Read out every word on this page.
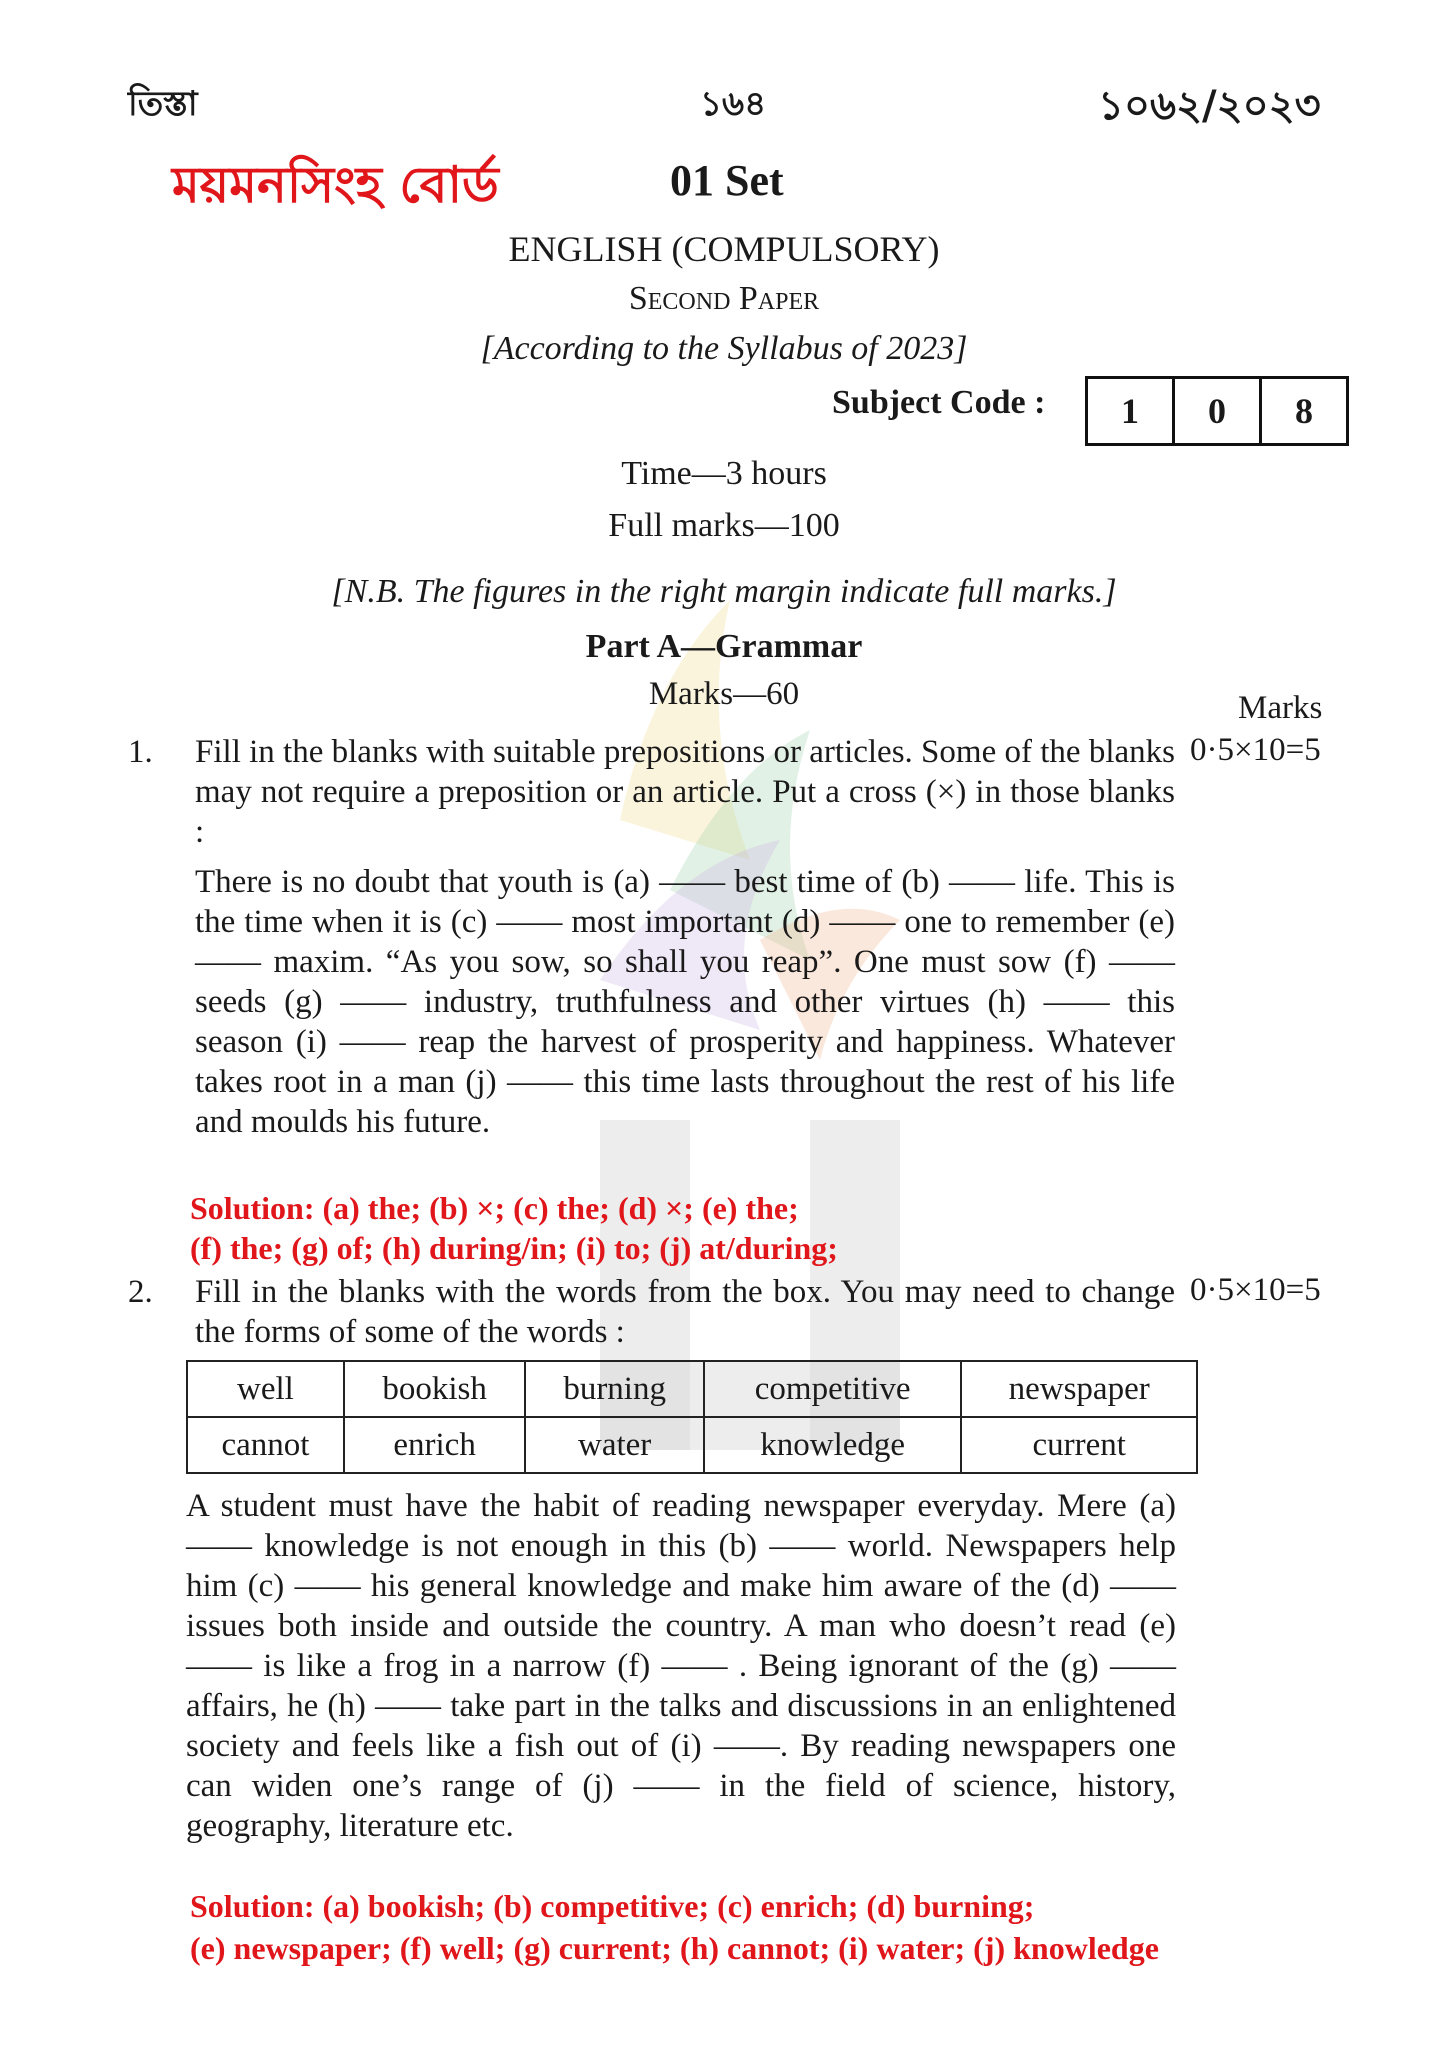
তিস্তা	১৬৪	১০৬২/২০২৩
ময়মনসিংহ বোর্ড	01 Set
ENGLISH (COMPULSORY)
Second Paper
[According to the Syllabus of 2023]
Subject Code :	1	0	8
Time—3 hours
Full marks—100
[N.B. The figures in the right margin indicate full marks.]
Part A—Grammar
Marks—60	Marks
1. Fill in the blanks with suitable prepositions or articles. Some of the blanks may not require a preposition or an article. Put a cross (×) in those blanks :
0·5×10=5
There is no doubt that youth is (a) —— best time of (b) —— life. This is the time when it is (c) —— most important (d) —— one to remember (e) —— maxim. “As you sow, so shall you reap”. One must sow (f) —— seeds (g) —— industry, truthfulness and other virtues (h) —— this season (i) —— reap the harvest of prosperity and happiness. Whatever takes root in a man (j) —— this time lasts throughout the rest of his life and moulds his future.
Solution: (a) the; (b) ×; (c) the; (d) ×; (e) the;
(f) the; (g) of; (h) during/in; (i) to; (j) at/during;
2. Fill in the blanks with the words from the box. You may need to change the forms of some of the words :
0·5×10=5
well	bookish	burning	competitive	newspaper
cannot	enrich	water	knowledge	current
A student must have the habit of reading newspaper everyday. Mere (a) —— knowledge is not enough in this (b) —— world. Newspapers help him (c) —— his general knowledge and make him aware of the (d) —— issues both inside and outside the country. A man who doesn’t read (e) —— is like a frog in a narrow (f) —— . Being ignorant of the (g) —— affairs, he (h) —— take part in the talks and discussions in an enlightened society and feels like a fish out of (i) ——. By reading newspapers one can widen one’s range of (j) —— in the field of science, history, geography, literature etc.
Solution: (a) bookish; (b) competitive; (c) enrich; (d) burning;
(e) newspaper; (f) well; (g) current; (h) cannot; (i) water; (j) knowledge
